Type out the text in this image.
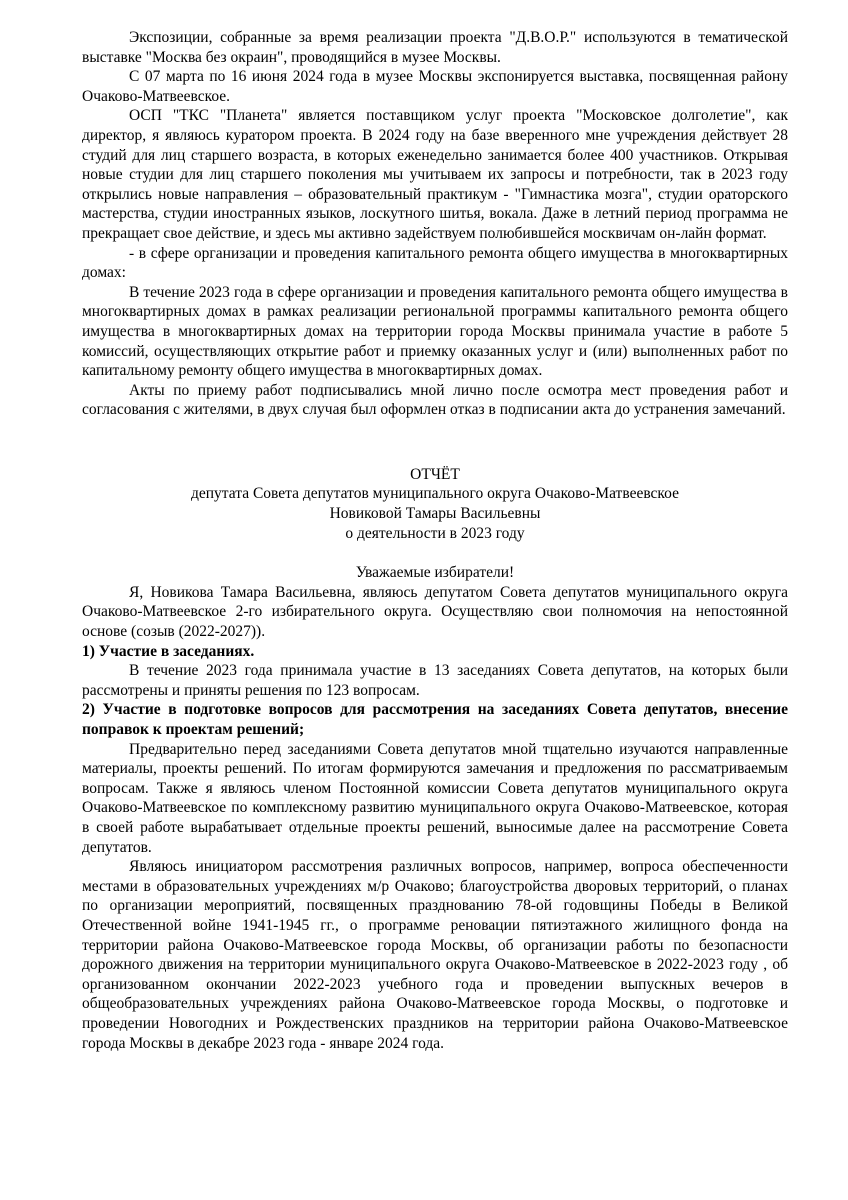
Экспозиции, собранные за время реализации проекта "Д.В.О.Р." используются в тематической выставке "Москва без окраин", проводящийся в музее Москвы.

С 07 марта по 16 июня 2024 года в музее Москвы экспонируется выставка, посвященная району Очаково-Матвеевское.

ОСП "ТКС "Планета" является поставщиком услуг проекта "Московское долголетие", как директор, я являюсь куратором проекта. В 2024 году на базе вверенного мне учреждения действует 28 студий для лиц старшего возраста, в которых еженедельно занимается более 400 участников. Открывая новые студии для лиц старшего поколения мы учитываем их запросы и потребности, так в 2023 году открылись новые направления – образовательный практикум - "Гимнастика мозга", студии ораторского мастерства, студии иностранных языков, лоскутного шитья, вокала. Даже в летний период программа не прекращает свое действие, и здесь мы активно задействуем полюбившейся москвичам он-лайн формат.

- в сфере организации и проведения капитального ремонта общего имущества в многоквартирных домах:

В течение 2023 года в сфере организации и проведения капитального ремонта общего имущества в многоквартирных домах в рамках реализации региональной программы капитального ремонта общего имущества в многоквартирных домах на территории города Москвы принимала участие в работе 5 комиссий, осуществляющих открытие работ и приемку оказанных услуг и (или) выполненных работ по капитальному ремонту общего имущества в многоквартирных домах.

Акты по приему работ подписывались мной лично после осмотра мест проведения работ и согласования с жителями, в двух случая был оформлен отказ в подписании акта до устранения замечаний.

ОТЧЁТ

депутата Совета депутатов муниципального округа Очаково-Матвеевское

Новиковой Тамары Васильевны

о деятельности в 2023 году

Уважаемые избиратели!

Я, Новикова Тамара Васильевна, являюсь депутатом Совета депутатов муниципального округа Очаково-Матвеевское 2-го избирательного округа. Осуществляю свои полномочия на непостоянной основе (созыв (2022-2027)).

1) Участие в заседаниях.

В течение 2023 года принимала участие в 13 заседаниях Совета депутатов, на которых были рассмотрены и приняты решения по 123 вопросам.

2) Участие в подготовке вопросов для рассмотрения на заседаниях Совета депутатов, внесение поправок к проектам решений;

Предварительно перед заседаниями Совета депутатов мной тщательно изучаются направленные материалы, проекты решений. По итогам формируются замечания и предложения по рассматриваемым вопросам. Также я являюсь членом Постоянной комиссии Совета депутатов муниципального округа Очаково-Матвеевское по комплексному развитию муниципального округа Очаково-Матвеевское, которая в своей работе вырабатывает отдельные проекты решений, выносимые далее на рассмотрение Совета депутатов.

Являюсь инициатором рассмотрения различных вопросов, например, вопроса обеспеченности местами в образовательных учреждениях м/р Очаково; благоустройства дворовых территорий, о планах по организации мероприятий, посвященных празднованию 78-ой годовщины Победы в Великой Отечественной войне 1941-1945 гг., о программе реновации пятиэтажного жилищного фонда на территории района Очаково-Матвеевское города Москвы, об организации работы по безопасности дорожного движения на территории муниципального округа Очаково-Матвеевское в 2022-2023 году , об организованном окончании 2022-2023 учебного года и проведении выпускных вечеров в общеобразовательных учреждениях района Очаково-Матвеевское города Москвы, о подготовке и проведении Новогодних и Рождественских праздников на территории района Очаково-Матвеевское города Москвы в декабре 2023 года - январе 2024 года.
